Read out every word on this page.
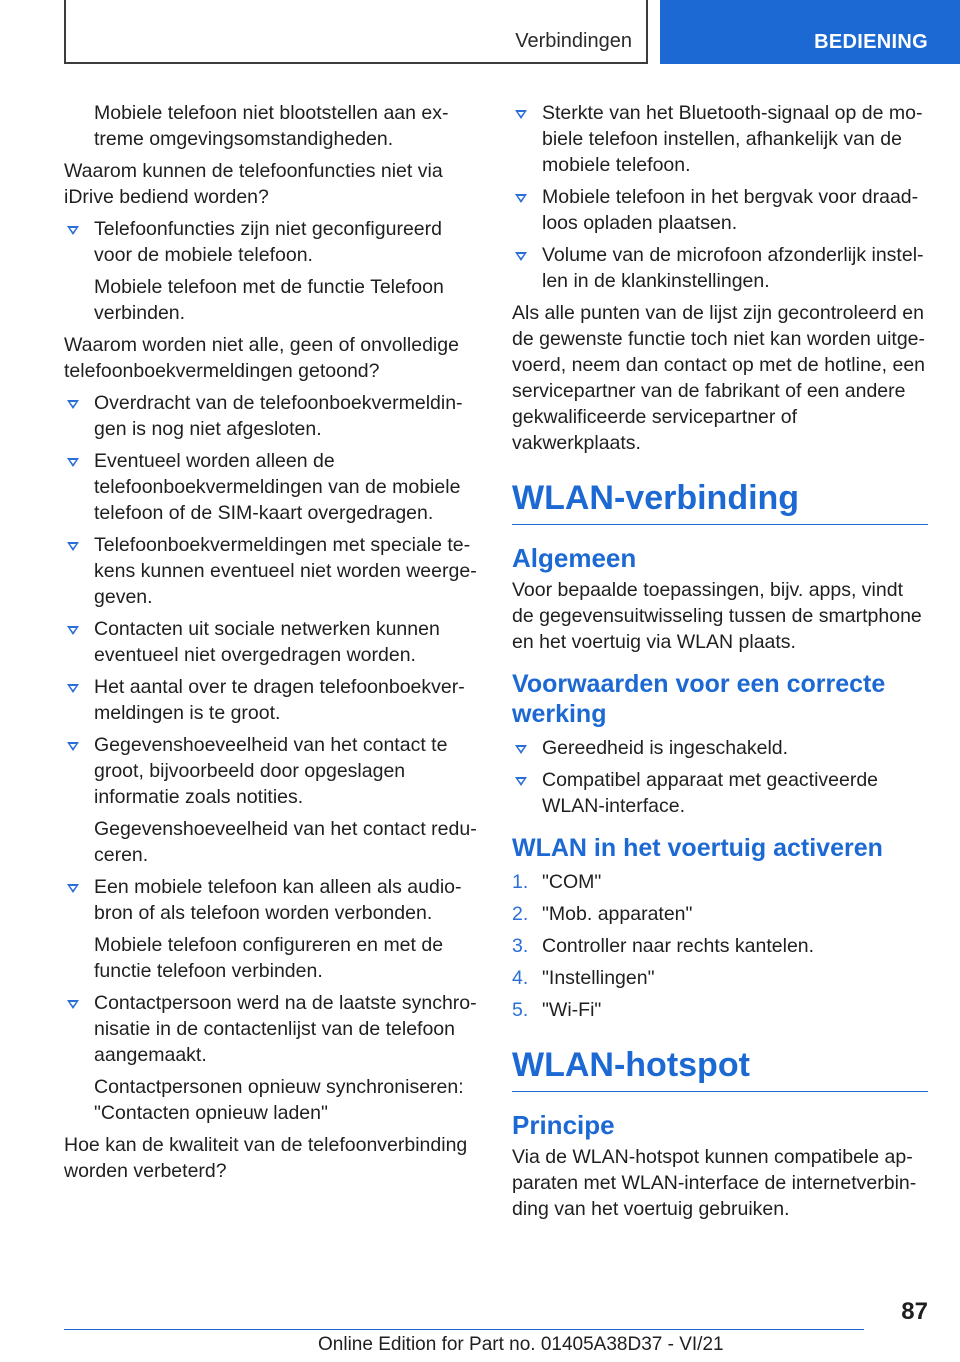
Verbindingen	BEDIENING

Mobiele telefoon niet blootstellen aan extreme omgevingsomstandigheden.

Waarom kunnen de telefoonfuncties niet via iDrive bediend worden?

Telefoonfuncties zijn niet geconfigureerd voor de mobiele telefoon.

Mobiele telefoon met de functie Telefoon verbinden.

Waarom worden niet alle, geen of onvolledige telefoonboekvermeldingen getoond?

Overdracht van de telefoonboekvermeldingen is nog niet afgesloten.

Eventueel worden alleen de telefoonboekvermeldingen van de mobiele telefoon of de SIM-kaart overgedragen.

Telefoonboekvermeldingen met speciale tekens kunnen eventueel niet worden weergegeven.

Contacten uit sociale netwerken kunnen eventueel niet overgedragen worden.

Het aantal over te dragen telefoonboekvermeldingen is te groot.

Gegevenshoeveelheid van het contact te groot, bijvoorbeeld door opgeslagen informatie zoals notities.

Gegevenshoeveelheid van het contact reduceren.

Een mobiele telefoon kan alleen als audiobron of als telefoon worden verbonden.

Mobiele telefoon configureren en met de functie telefoon verbinden.

Contactpersoon werd na de laatste synchronisatie in de contactenlijst van de telefoon aangemaakt.

Contactpersonen opnieuw synchroniseren: "Contacten opnieuw laden"

Hoe kan de kwaliteit van de telefoonverbinding worden verbeterd?

Sterkte van het Bluetooth-signaal op de mobiele telefoon instellen, afhankelijk van de mobiele telefoon.

Mobiele telefoon in het bergvak voor draadloos opladen plaatsen.

Volume van de microfoon afzonderlijk instellen in de klankinstellingen.

Als alle punten van de lijst zijn gecontroleerd en de gewenste functie toch niet kan worden uitgevoerd, neem dan contact op met de hotline, een servicepartner van de fabrikant of een andere gekwalificeerde servicepartner of vakwerkplaats.

WLAN-verbinding
Algemeen

Voor bepaalde toepassingen, bijv. apps, vindt de gegevensuitwisseling tussen de smartphone en het voertuig via WLAN plaats.

Voorwaarden voor een correcte werking

Gereedheid is ingeschakeld.

Compatibel apparaat met geactiveerde WLAN-interface.

WLAN in het voertuig activeren
1. "COM"

2. "Mob. apparaten"

3. Controller naar rechts kantelen.

4. "Instellingen"

5. "Wi-Fi"

WLAN-hotspot
Principe

Via de WLAN-hotspot kunnen compatibele apparaten met WLAN-interface de internetverbinding van het voertuig gebruiken.

87
Online Edition for Part no. 01405A38D37 - VI/21
